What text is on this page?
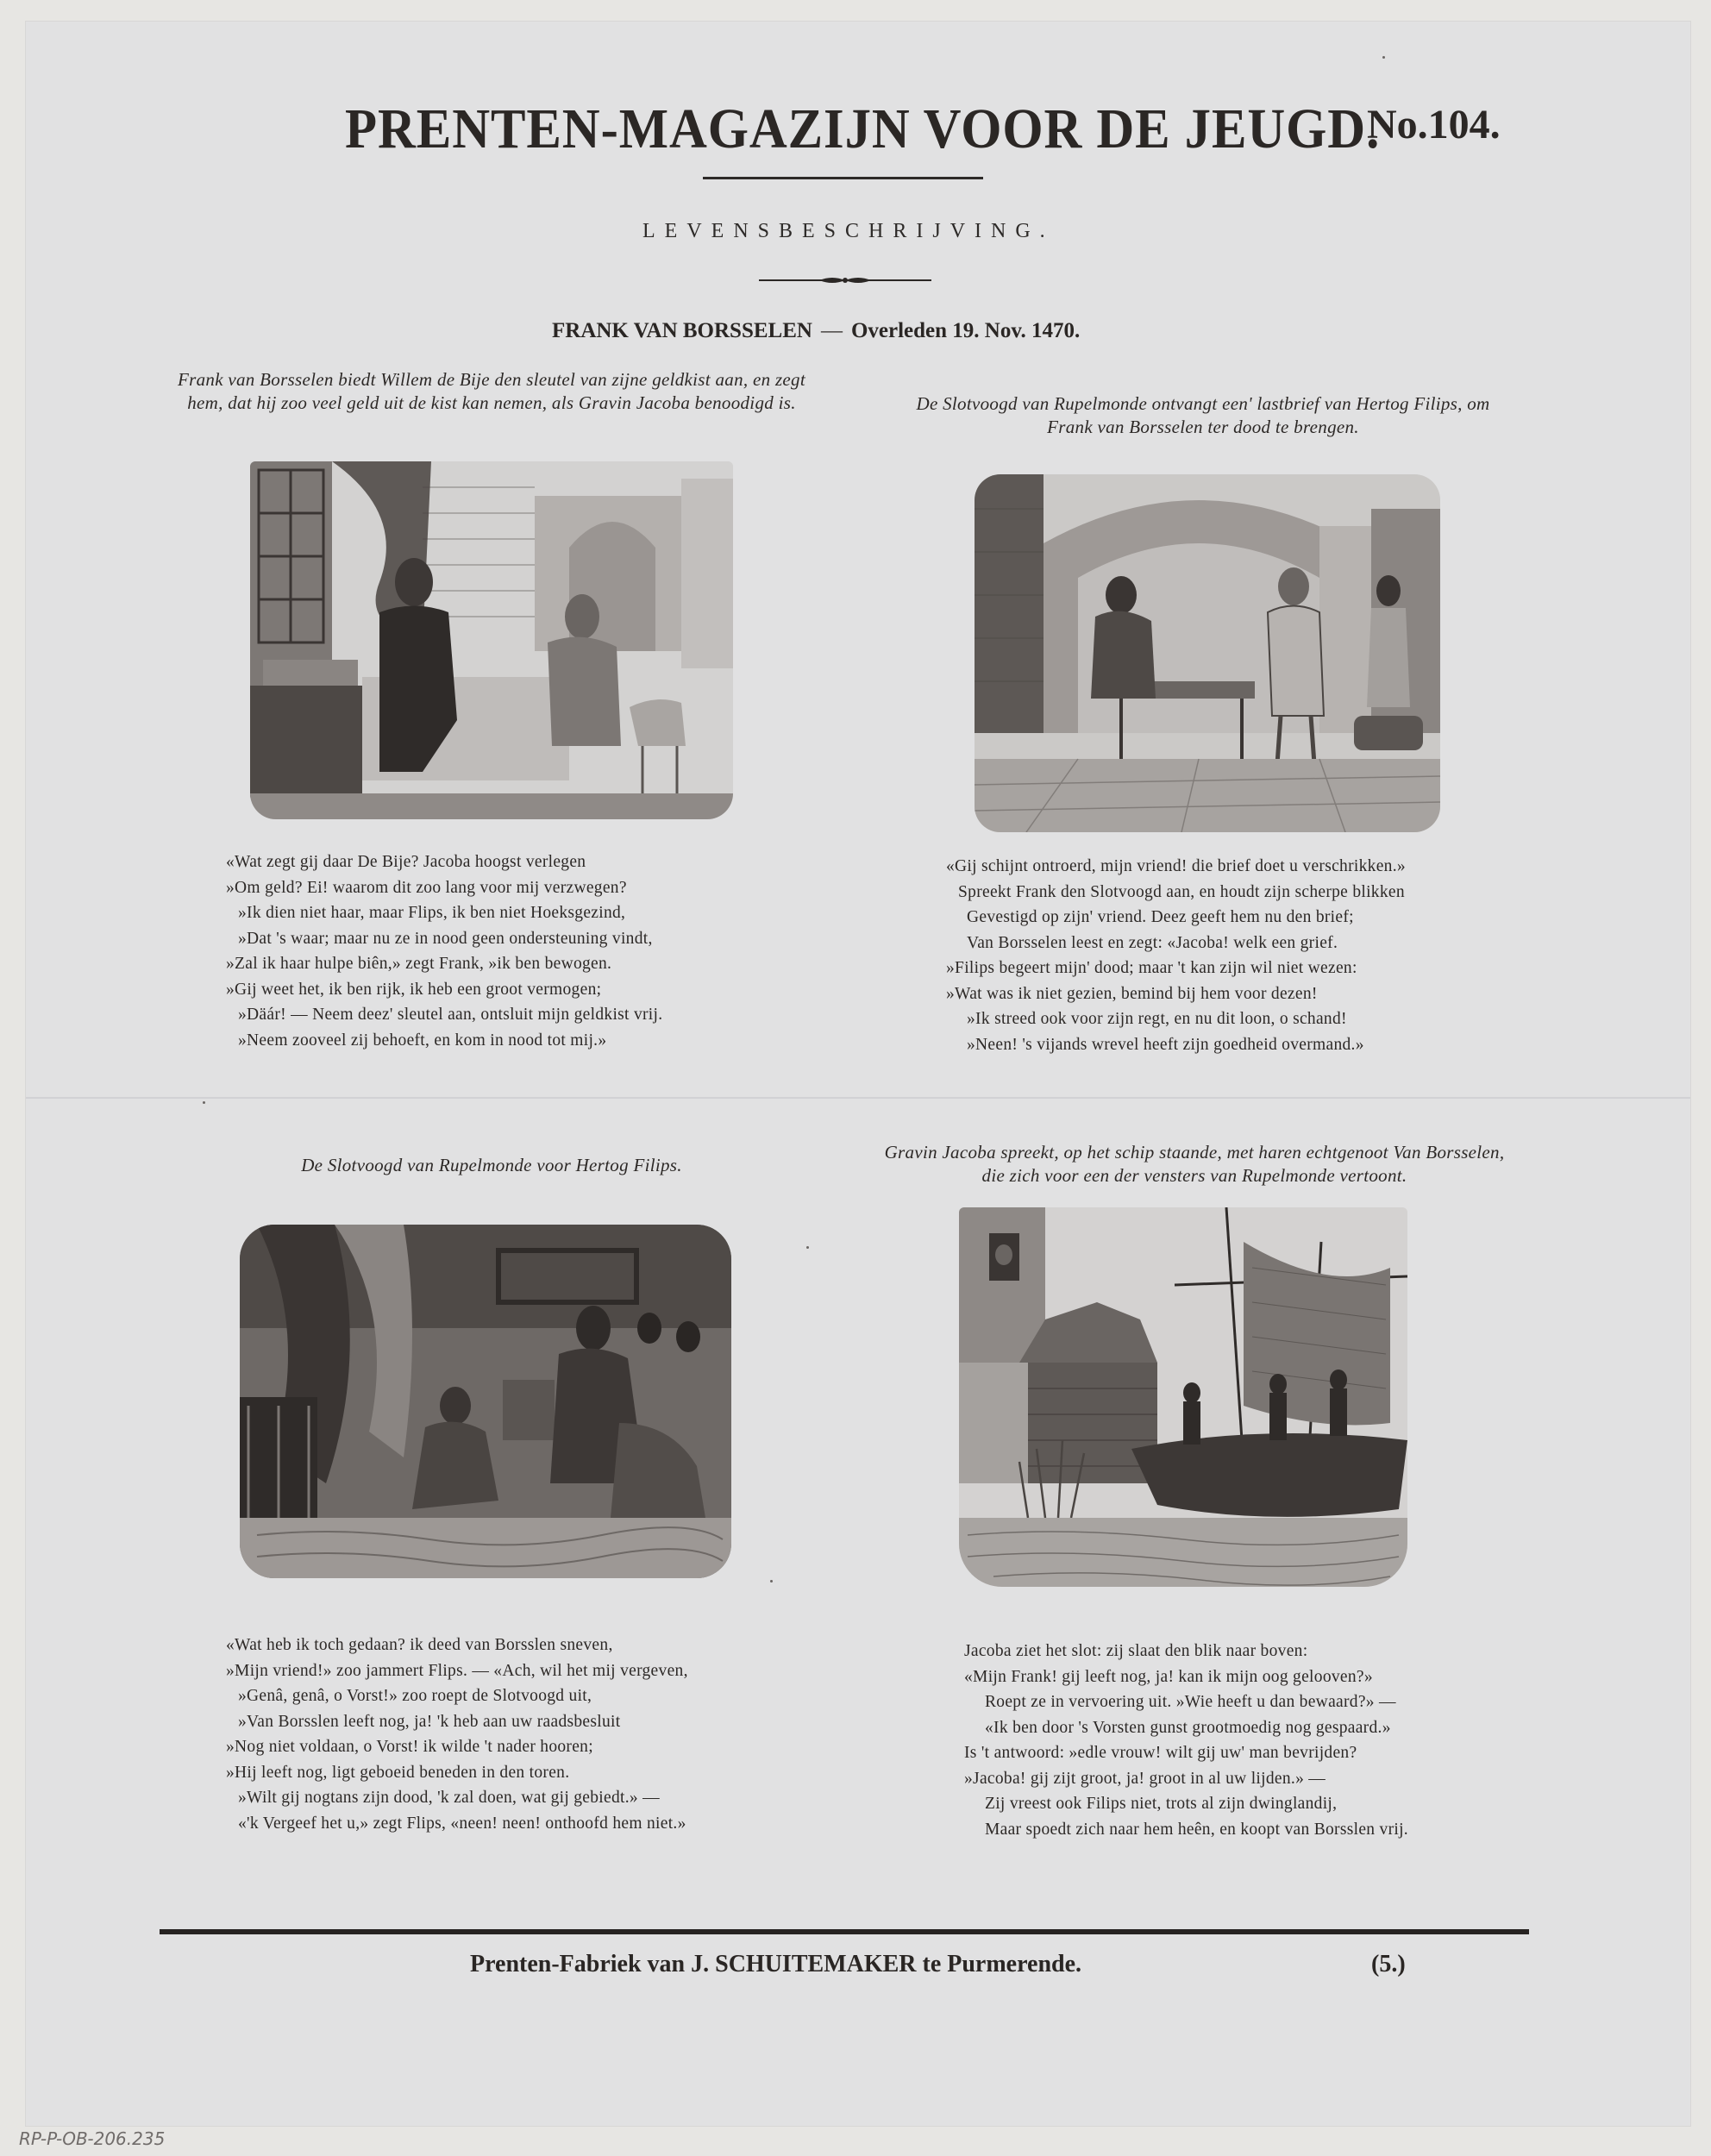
PRENTEN-MAGAZIJN VOOR DE JEUGD.
No.104.
LEVENSBESCHRIJVING.
FRANK VAN BORSSELEN — Overleden 19. Nov. 1470.
Frank van Borsselen biedt Willem de Bije den sleutel van zijne geldkist aan, en zegt hem, dat hij zoo veel geld uit de kist kan nemen, als Gravin Jacoba benoodigd is.
«Wat zegt gij daar De Bije? Jacoba hoogst verlegen
»Om geld? Ei! waarom dit zoo lang voor mij verzwegen?
»Ik dien niet haar, maar Flips, ik ben niet Hoeksgezind,
»Dat 's waar; maar nu ze in nood geen ondersteuning vindt,
»Zal ik haar hulpe biên,» zegt Frank, »ik ben bewogen.
»Gij weet het, ik ben rijk, ik heb een groot vermogen;
»Däár! — Neem deez' sleutel aan, ontsluit mijn geldkist vrij.
»Neem zooveel zij behoeft, en kom in nood tot mij.»
De Slotvoogd van Rupelmonde ontvangt een' lastbrief van Hertog Filips, om Frank van Borsselen ter dood te brengen.
«Gij schijnt ontroerd, mijn vriend! die brief doet u verschrikken.»
Spreekt Frank den Slotvoogd aan, en houdt zijn scherpe blikken
Gevestigd op zijn' vriend. Deez geeft hem nu den brief;
Van Borsselen leest en zegt: «Jacoba! welk een grief.
»Filips begeert mijn' dood; maar 't kan zijn wil niet wezen:
»Wat was ik niet gezien, bemind bij hem voor dezen!
»Ik streed ook voor zijn regt, en nu dit loon, o schand!
»Neen! 's vijands wrevel heeft zijn goedheid overmand.»
De Slotvoogd van Rupelmonde voor Hertog Filips.
«Wat heb ik toch gedaan? ik deed van Borsslen sneven,
»Mijn vriend!» zoo jammert Flips. — «Ach, wil het mij vergeven,
»Genâ, genâ, o Vorst!» zoo roept de Slotvoogd uit,
»Van Borsslen leeft nog, ja! 'k heb aan uw raadsbesluit
»Nog niet voldaan, o Vorst! ik wilde 't nader hooren;
»Hij leeft nog, ligt geboeid beneden in den toren.
»Wilt gij nogtans zijn dood, 'k zal doen, wat gij gebiedt.» —
«'k Vergeef het u,» zegt Flips, «neen! neen! onthoofd hem niet.»
Gravin Jacoba spreekt, op het schip staande, met haren echtgenoot Van Borsselen, die zich voor een der vensters van Rupelmonde vertoont.
Jacoba ziet het slot: zij slaat den blik naar boven:
«Mijn Frank! gij leeft nog, ja! kan ik mijn oog gelooven?»
Roept ze in vervoering uit. »Wie heeft u dan bewaard?» —
«Ik ben door 's Vorsten gunst grootmoedig nog gespaard.»
Is 't antwoord: »edle vrouw! wilt gij uw' man bevrijden?
»Jacoba! gij zijt groot, ja! groot in al uw lijden.» —
Zij vreest ook Filips niet, trots al zijn dwinglandij,
Maar spoedt zich naar hem heên, en koopt van Borsslen vrij.
Prenten-Fabriek van J. SCHUITEMAKER te Purmerende.	(5.)
RP-P-OB-206.235
